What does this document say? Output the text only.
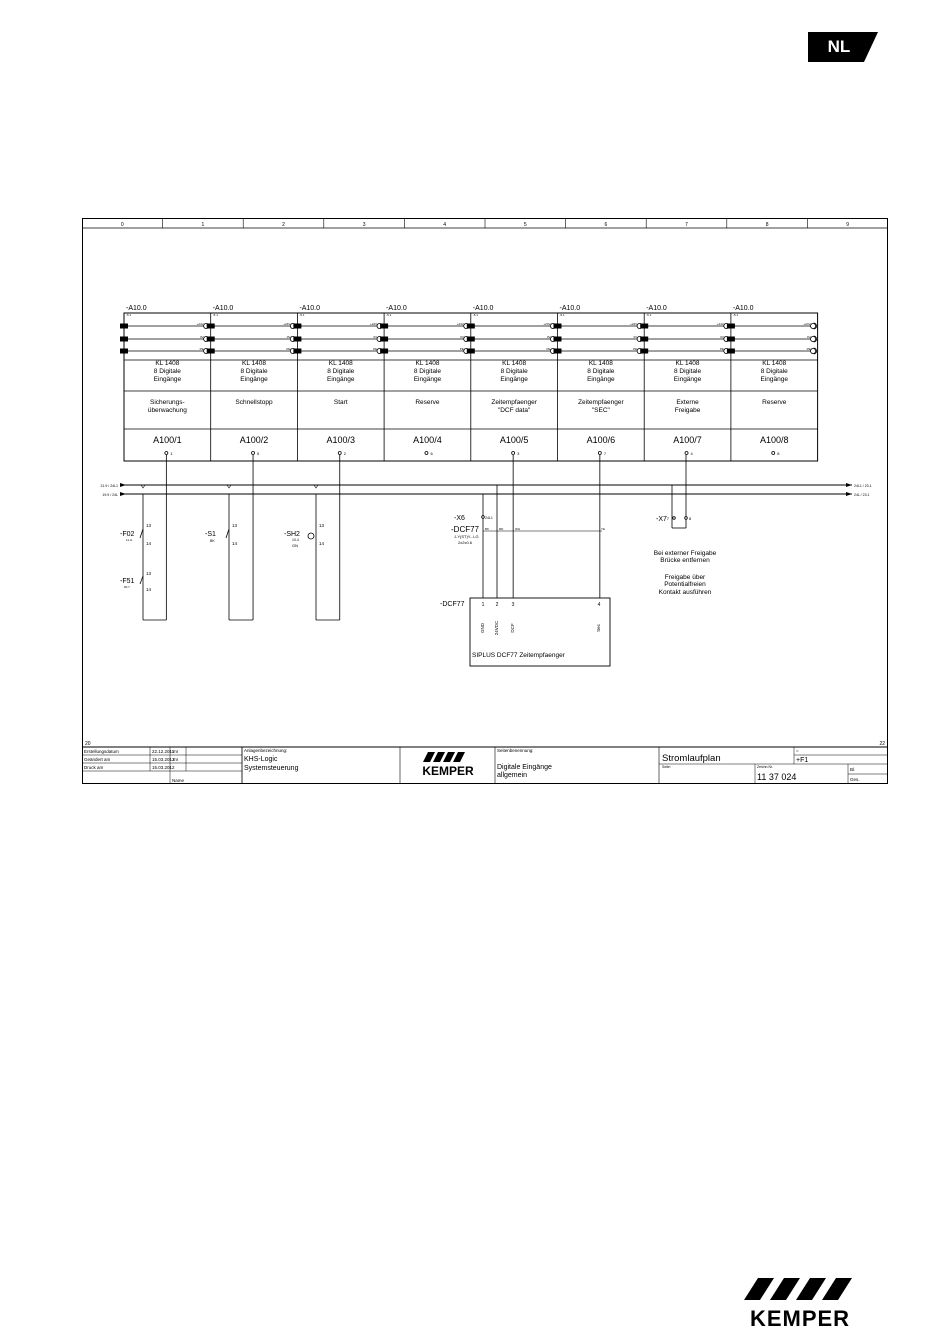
NL
20	22
0	1	2	3	4	5	6	7	8	9
-A10.0
-5.1
+24V
0V
PE
KL 1408
8 Digitale
Eingänge
Sicherungs-
überwachung
A100/1
1
-A10.0
-5.1
+24V
0V
PE
KL 1408
8 Digitale
Eingänge
Schnellstopp
A100/2
5
-A10.0
-5.1
+24V
0V
PE
KL 1408
8 Digitale
Eingänge
Start
A100/3
2
-A10.0
-5.1
+24V
0V
PE
KL 1408
8 Digitale
Eingänge
Reserve
A100/4
6
-A10.0
-5.1
+24V
0V
PE
KL 1408
8 Digitale
Eingänge
Zeitempfaenger
"DCF data"
A100/5
3
-A10.0
-5.1
+24V
0V
PE
KL 1408
8 Digitale
Eingänge
Zeitempfaenger
"SEC"
A100/6
7
-A10.0
-5.1
+24V
0V
PE
KL 1408
8 Digitale
Eingänge
Externe
Freigabe
A100/7
4
-A10.0
-5.1
+24V
0V
PE
KL 1408
8 Digitale
Eingänge
Reserve
A100/8
8
21.9 / 24L1
19.9 / 24L
24L1 / 23.1
24L / 23.1
-F02
11.G
13
14
-F51
60.7
13
14
-S1
BK
13
14
-SH2
10.4
GN
13
14
-X6	24L1
-DCF77
J-Y(ST)Y...LG
2x2x0.6
BK	RD	WH	YE
-DCF77	1
GND
2
24VDC
3
DCF
4
Sec
SIPLUS DCF77 Zeitempfaenger
-X7 7	8
Bei externer Freigabe
Brücke entfernen
Freigabe über
Potentialfreien
Kontakt ausführen
Erstellungsdatum	22.12.2011
mr
Geändert am	15.03.2012
mr
Druck am	15.03.2012
Name
Anlagenbezeichnung:
KHS-Logic
Systemsteuerung	KEMPER
Seitenbenennung:
Digitale Eingänge
allgemein
Stromlaufplan
Seite:	Zeichn.Nr.
11 37 024
=
+F1
Bl.
Ges.
KEMPER
